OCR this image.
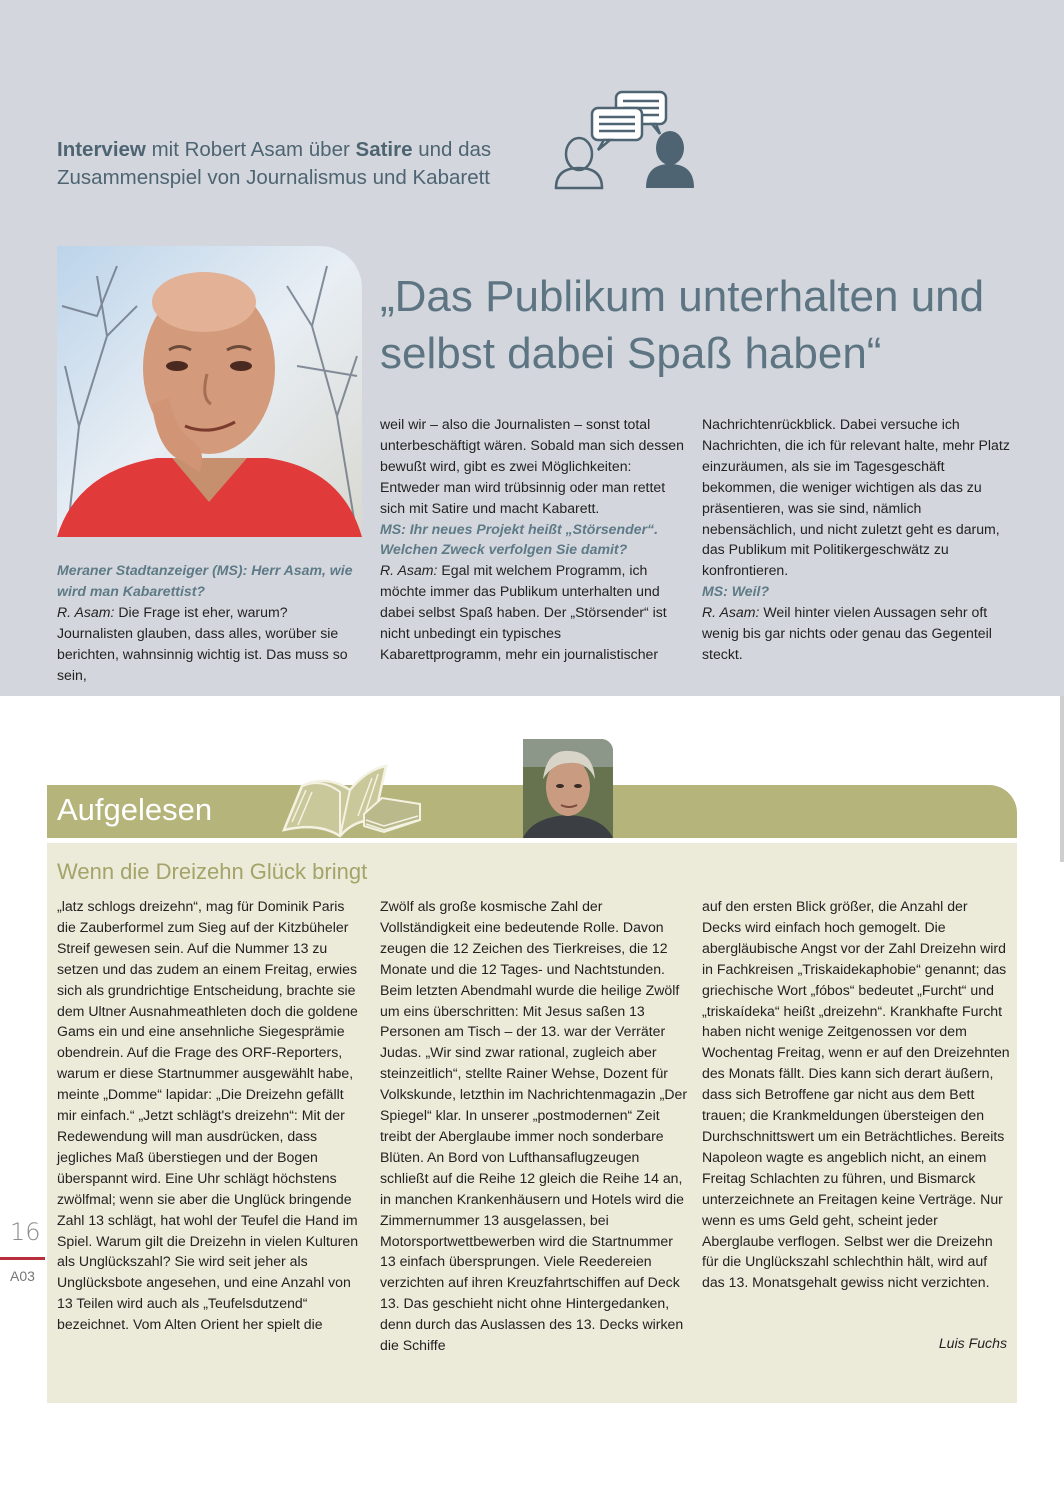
Interview mit Robert Asam über Satire und das Zusammenspiel von Journalismus und Kabarett
„Das Publikum unterhalten und
selbst dabei Spaß haben“

Meraner Stadtanzeiger (MS): Herr Asam, wie wird man Kabarettist?

R. Asam: Die Frage ist eher, warum? Journalisten glauben, dass alles, worüber sie berichten, wahnsinnig wichtig ist. Das muss so sein,

weil wir – also die Journalisten – sonst total unterbeschäftigt wären. Sobald man sich dessen bewußt wird, gibt es zwei Möglichkeiten: Entweder man wird trübsinnig oder man rettet sich mit Satire und macht Kabarett.

MS: Ihr neues Projekt heißt „Störsender“. Welchen Zweck verfolgen Sie damit?

R. Asam: Egal mit welchem Programm, ich möchte immer das Publikum unterhalten und dabei selbst Spaß haben. Der „Störsender“ ist nicht unbedingt ein typisches Kabarettprogramm, mehr ein journalistischer

Nachrichtenrückblick. Dabei versuche ich Nachrichten, die ich für relevant halte, mehr Platz einzuräumen, als sie im Tagesgeschäft bekommen, die weniger wichtigen als das zu präsentieren, was sie sind, nämlich nebensächlich, und nicht zuletzt geht es darum, das Publikum mit Politikergeschwätz zu konfrontieren.

MS: Weil?

R. Asam: Weil hinter vielen Aussagen sehr oft wenig bis gar nichts oder genau das Gegenteil steckt.

Aufgelesen
Wenn die Dreizehn Glück bringt
„latz schlogs dreizehn“, mag für Dominik Paris die Zauberformel zum Sieg auf der Kitzbüheler Streif gewesen sein. Auf die Nummer 13 zu setzen und das zudem an einem Freitag, erwies sich als grundrichtige Entscheidung, brachte sie dem Ultner Ausnahmeathleten doch die goldene Gams ein und eine ansehnliche Siegesprämie obendrein. Auf die Frage des ORF-Reporters, warum er diese Startnummer ausgewählt habe, meinte „Domme“ lapidar: „Die Dreizehn gefällt mir einfach.“ „Jetzt schlägt's dreizehn“: Mit der Redewendung will man ausdrücken, dass jegliches Maß überstiegen und der Bogen überspannt wird. Eine Uhr schlägt höchstens zwölfmal; wenn sie aber die Unglück bringende Zahl 13 schlägt, hat wohl der Teufel die Hand im Spiel. Warum gilt die Dreizehn in vielen Kulturen als Unglückszahl? Sie wird seit jeher als Unglücksbote angesehen, und eine Anzahl von 13 Teilen wird auch als „Teufelsdutzend“ bezeichnet. Vom Alten Orient her spielt die
Zwölf als große kosmische Zahl der Vollständigkeit eine bedeutende Rolle. Davon zeugen die 12 Zeichen des Tierkreises, die 12 Monate und die 12 Tages- und Nachtstunden. Beim letzten Abendmahl wurde die heilige Zwölf um eins überschritten: Mit Jesus saßen 13 Personen am Tisch – der 13. war der Verräter Judas. „Wir sind zwar rational, zugleich aber steinzeitlich“, stellte Rainer Wehse, Dozent für Volkskunde, letzthin im Nachrichtenmagazin „Der Spiegel“ klar. In unserer „postmodernen“ Zeit treibt der Aberglaube immer noch sonderbare Blüten. An Bord von Lufthansaflugzeugen schließt auf die Reihe 12 gleich die Reihe 14 an, in manchen Krankenhäusern und Hotels wird die Zimmernummer 13 ausgelassen, bei Motorsportwettbewerben wird die Startnummer 13 einfach übersprungen. Viele Reedereien verzichten auf ihren Kreuzfahrtschiffen auf Deck 13. Das geschieht nicht ohne Hintergedanken, denn durch das Auslassen des 13. Decks wirken die Schiffe
auf den ersten Blick größer, die Anzahl der Decks wird einfach hoch gemogelt. Die abergläubische Angst vor der Zahl Dreizehn wird in Fachkreisen „Triskaidekaphobie“ genannt; das griechische Wort „fóbos“ bedeutet „Furcht“ und „triskaídeka“ heißt „dreizehn“. Krankhafte Furcht haben nicht wenige Zeitgenossen vor dem Wochentag Freitag, wenn er auf den Dreizehnten des Monats fällt. Dies kann sich derart äußern, dass sich Betroffene gar nicht aus dem Bett trauen; die Krankmeldungen übersteigen den Durchschnittswert um ein Beträchtliches. Bereits Napoleon wagte es angeblich nicht, an einem Freitag Schlachten zu führen, und Bismarck unterzeichnete an Freitagen keine Verträge. Nur wenn es ums Geld geht, scheint jeder Aberglaube verflogen. Selbst wer die Dreizehn für die Unglückszahl schlechthin hält, wird auf das 13. Monatsgehalt gewiss nicht verzichten.
Luis Fuchs
16
A03
